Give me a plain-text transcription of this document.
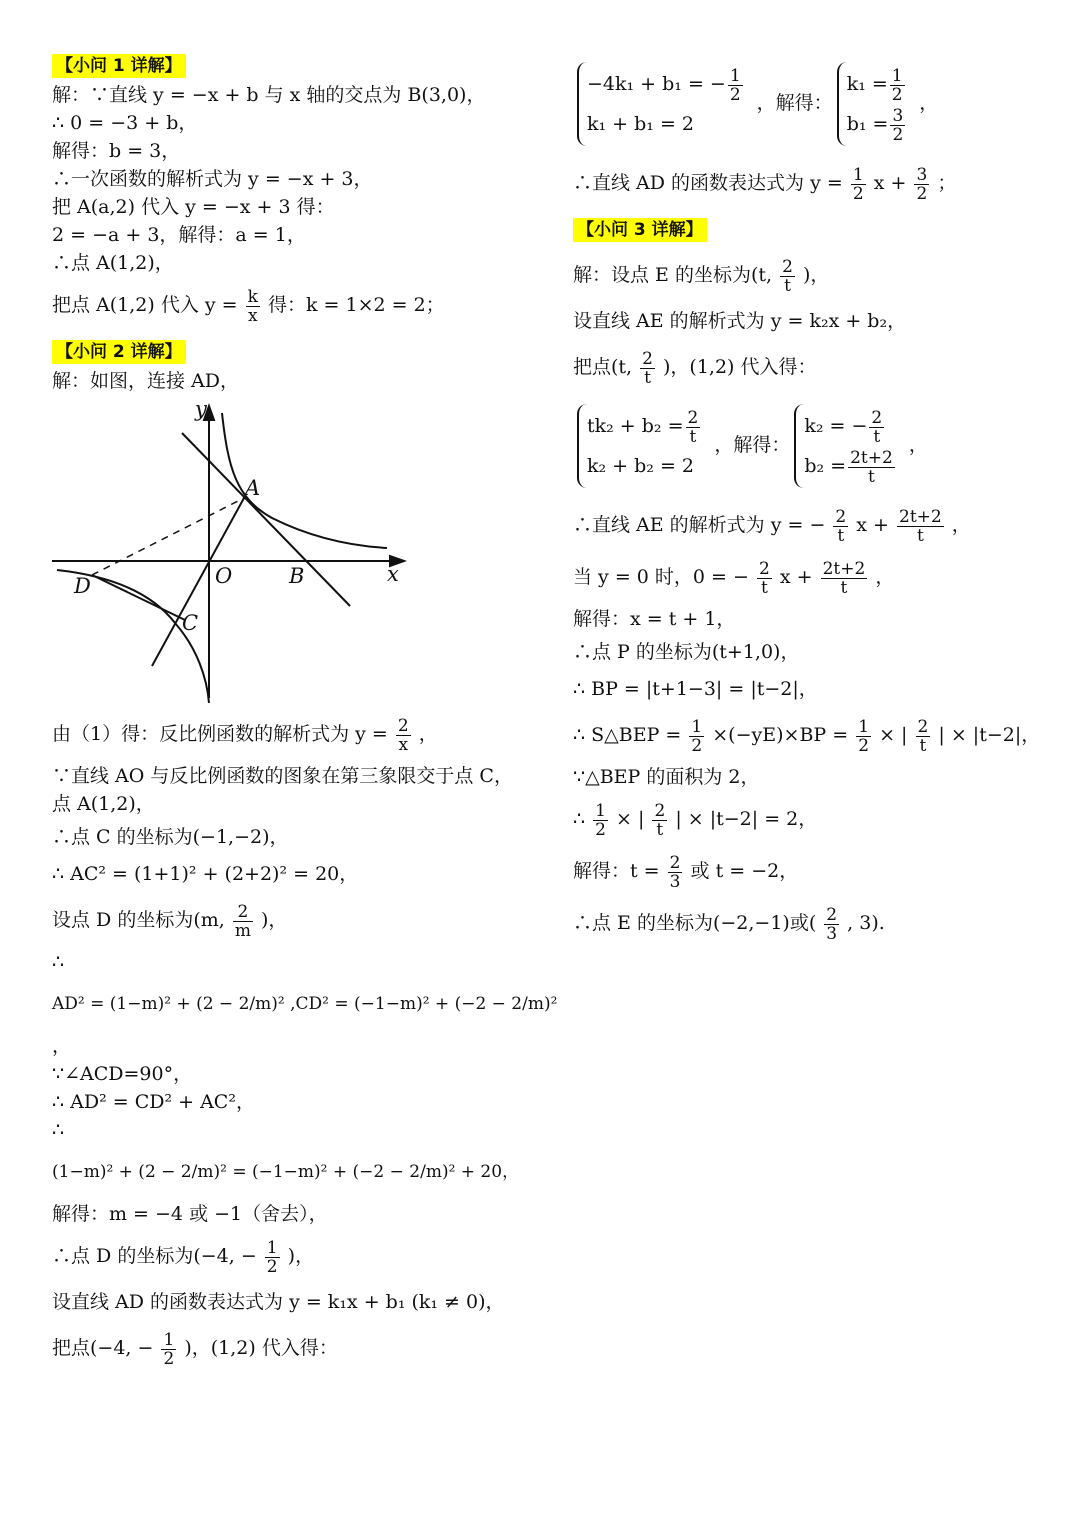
【小问 1 详解】
解：∵直线 y = −x + b 与 x 轴的交点为 B(3,0)，
∴ 0 = −3 + b，
解得：b = 3，
∴一次函数的解析式为 y = −x + 3，
把 A(a,2) 代入 y = −x + 3 得：
2 = −a + 3，解得：a = 1，
∴点 A(1,2)，
把点 A(1,2) 代入 $y = \frac{k}{x}$ 得：k = 1×2 = 2；
【小问 2 详解】
解：如图，连接 AD，
y
x
A
B
C
D	O
由（1）得：反比例函数的解析式为 $y = \frac{2}{x}$ ，
∵直线 AO 与反比例函数的图象在第三象限交于点 C，
点 A(1,2)，
∴点 C 的坐标为(−1,−2)，
∴ AC² = (1+1)² + (2+2)² = 20，
设点 D 的坐标为(m, $\frac{2}{m}$ )，
∴
AD² = (1−m)² + (2 − 2/m)² ,CD² = (−1−m)² + (−2 − 2/m)²
，
∵∠ACD=90°，
∴ AD² = CD² + AC²，
∴
(1−m)² + (2 − 2/m)² = (−1−m)² + (−2 − 2/m)² + 20，
解得：m = −4 或 −1（舍去），
∴点 D 的坐标为(−4, − $\frac{1}{2}$ )，
设直线 AD 的函数表达式为 y = k₁x + b₁ (k₁ ≠ 0)，
把点(−4, − $\frac{1}{2}$ )，(1,2) 代入得：
−4k₁ + b₁ = − $\frac{1}{2}$
k₁ + b₁ = 2
，解得：
$k_1 = \frac{1}{2}$
$b_1 = \frac{3}{2}$
，
∴直线 AD 的函数表达式为 $y = \frac{1}{2}$ $x + \frac{3}{2}$ ；
【小问 3 详解】
解：设点 E 的坐标为(t, $\frac{2}{t}$ )，
设直线 AE 的解析式为 y = k₂x + b₂，
把点(t, $\frac{2}{t}$ )，(1,2) 代入得：
$tk_2 + b_2 = \frac{2}{t}$
k₂ + b₂ = 2
，解得：
k₂ = − $\frac{2}{t}$
$b_2 = \frac{2t+2}{t}$
，
∴直线 AE 的解析式为 y = − $\frac{2}{t}$ $x + \frac{2t+2}{t}$ ，
当 y = 0 时，0 = − $\frac{2}{t}$ $x + \frac{2t+2}{t}$ ，
解得：x = t + 1，
∴点 P 的坐标为(t+1,0)，
∴ BP = |t+1−3| = |t−2|，
∴ S△BEP = $\frac{1}{2} \times(-yE)\times BP = \frac{1}{2}$ × | $\frac{2}{t}$ | × |t−2|，
∵△BEP 的面积为 2，
∴ $\frac{1}{2}$ × | $\frac{2}{t}$ | × |t−2| = 2，
解得：$t = \frac{2}{3}$ 或 t = −2，
∴点 E 的坐标为(−2,−1)或( $\frac{2}{3}$ , 3).
